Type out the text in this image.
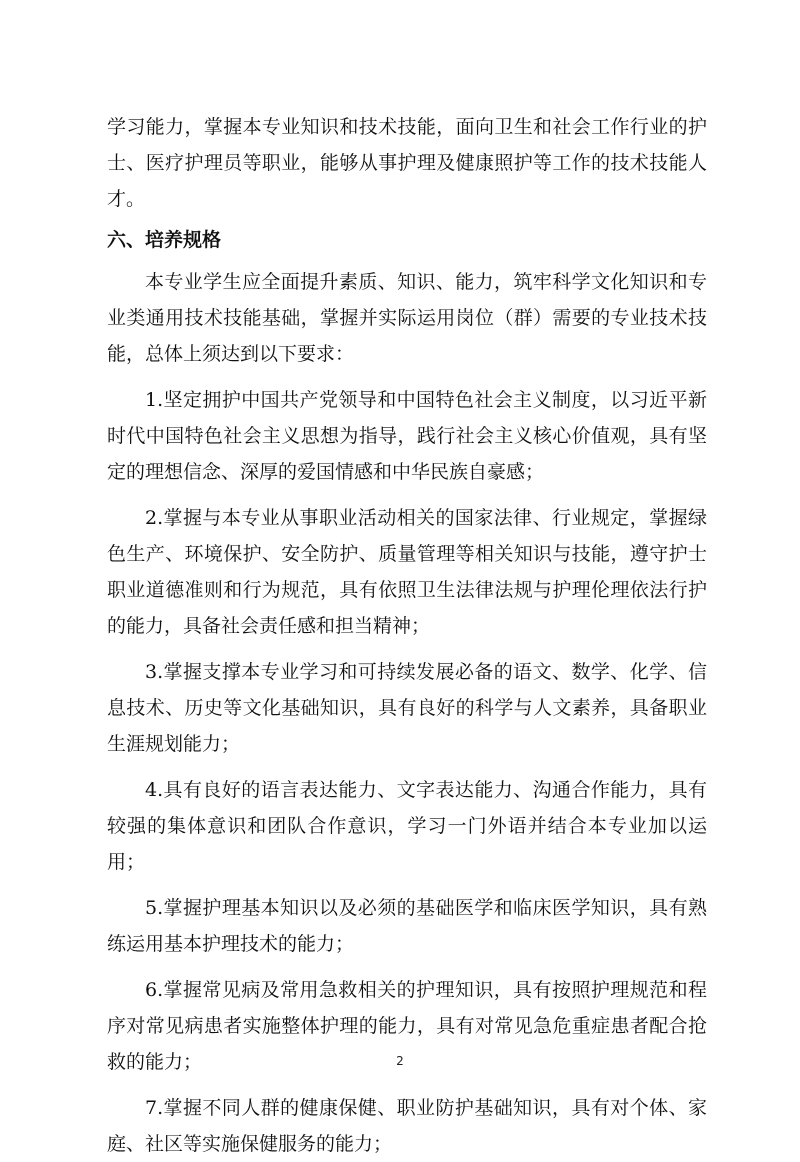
学习能力，掌握本专业知识和技术技能，面向卫生和社会工作行业的护士、医疗护理员等职业，能够从事护理及健康照护等工作的技术技能人才。

六、培养规格

本专业学生应全面提升素质、知识、能力，筑牢科学文化知识和专业类通用技术技能基础，掌握并实际运用岗位（群）需要的专业技术技能，总体上须达到以下要求：

1.坚定拥护中国共产党领导和中国特色社会主义制度，以习近平新时代中国特色社会主义思想为指导，践行社会主义核心价值观，具有坚定的理想信念、深厚的爱国情感和中华民族自豪感；

2.掌握与本专业从事职业活动相关的国家法律、行业规定，掌握绿色生产、环境保护、安全防护、质量管理等相关知识与技能，遵守护士职业道德准则和行为规范，具有依照卫生法律法规与护理伦理依法行护的能力，具备社会责任感和担当精神；

3.掌握支撑本专业学习和可持续发展必备的语文、数学、化学、信息技术、历史等文化基础知识，具有良好的科学与人文素养，具备职业生涯规划能力；

4.具有良好的语言表达能力、文字表达能力、沟通合作能力，具有较强的集体意识和团队合作意识，学习一门外语并结合本专业加以运用；

5.掌握护理基本知识以及必须的基础医学和临床医学知识，具有熟练运用基本护理技术的能力；

6.掌握常见病及常用急救相关的护理知识，具有按照护理规范和程序对常见病患者实施整体护理的能力，具有对常见急危重症患者配合抢救的能力；

7.掌握不同人群的健康保健、职业防护基础知识，具有对个体、家庭、社区等实施保健服务的能力；

2
